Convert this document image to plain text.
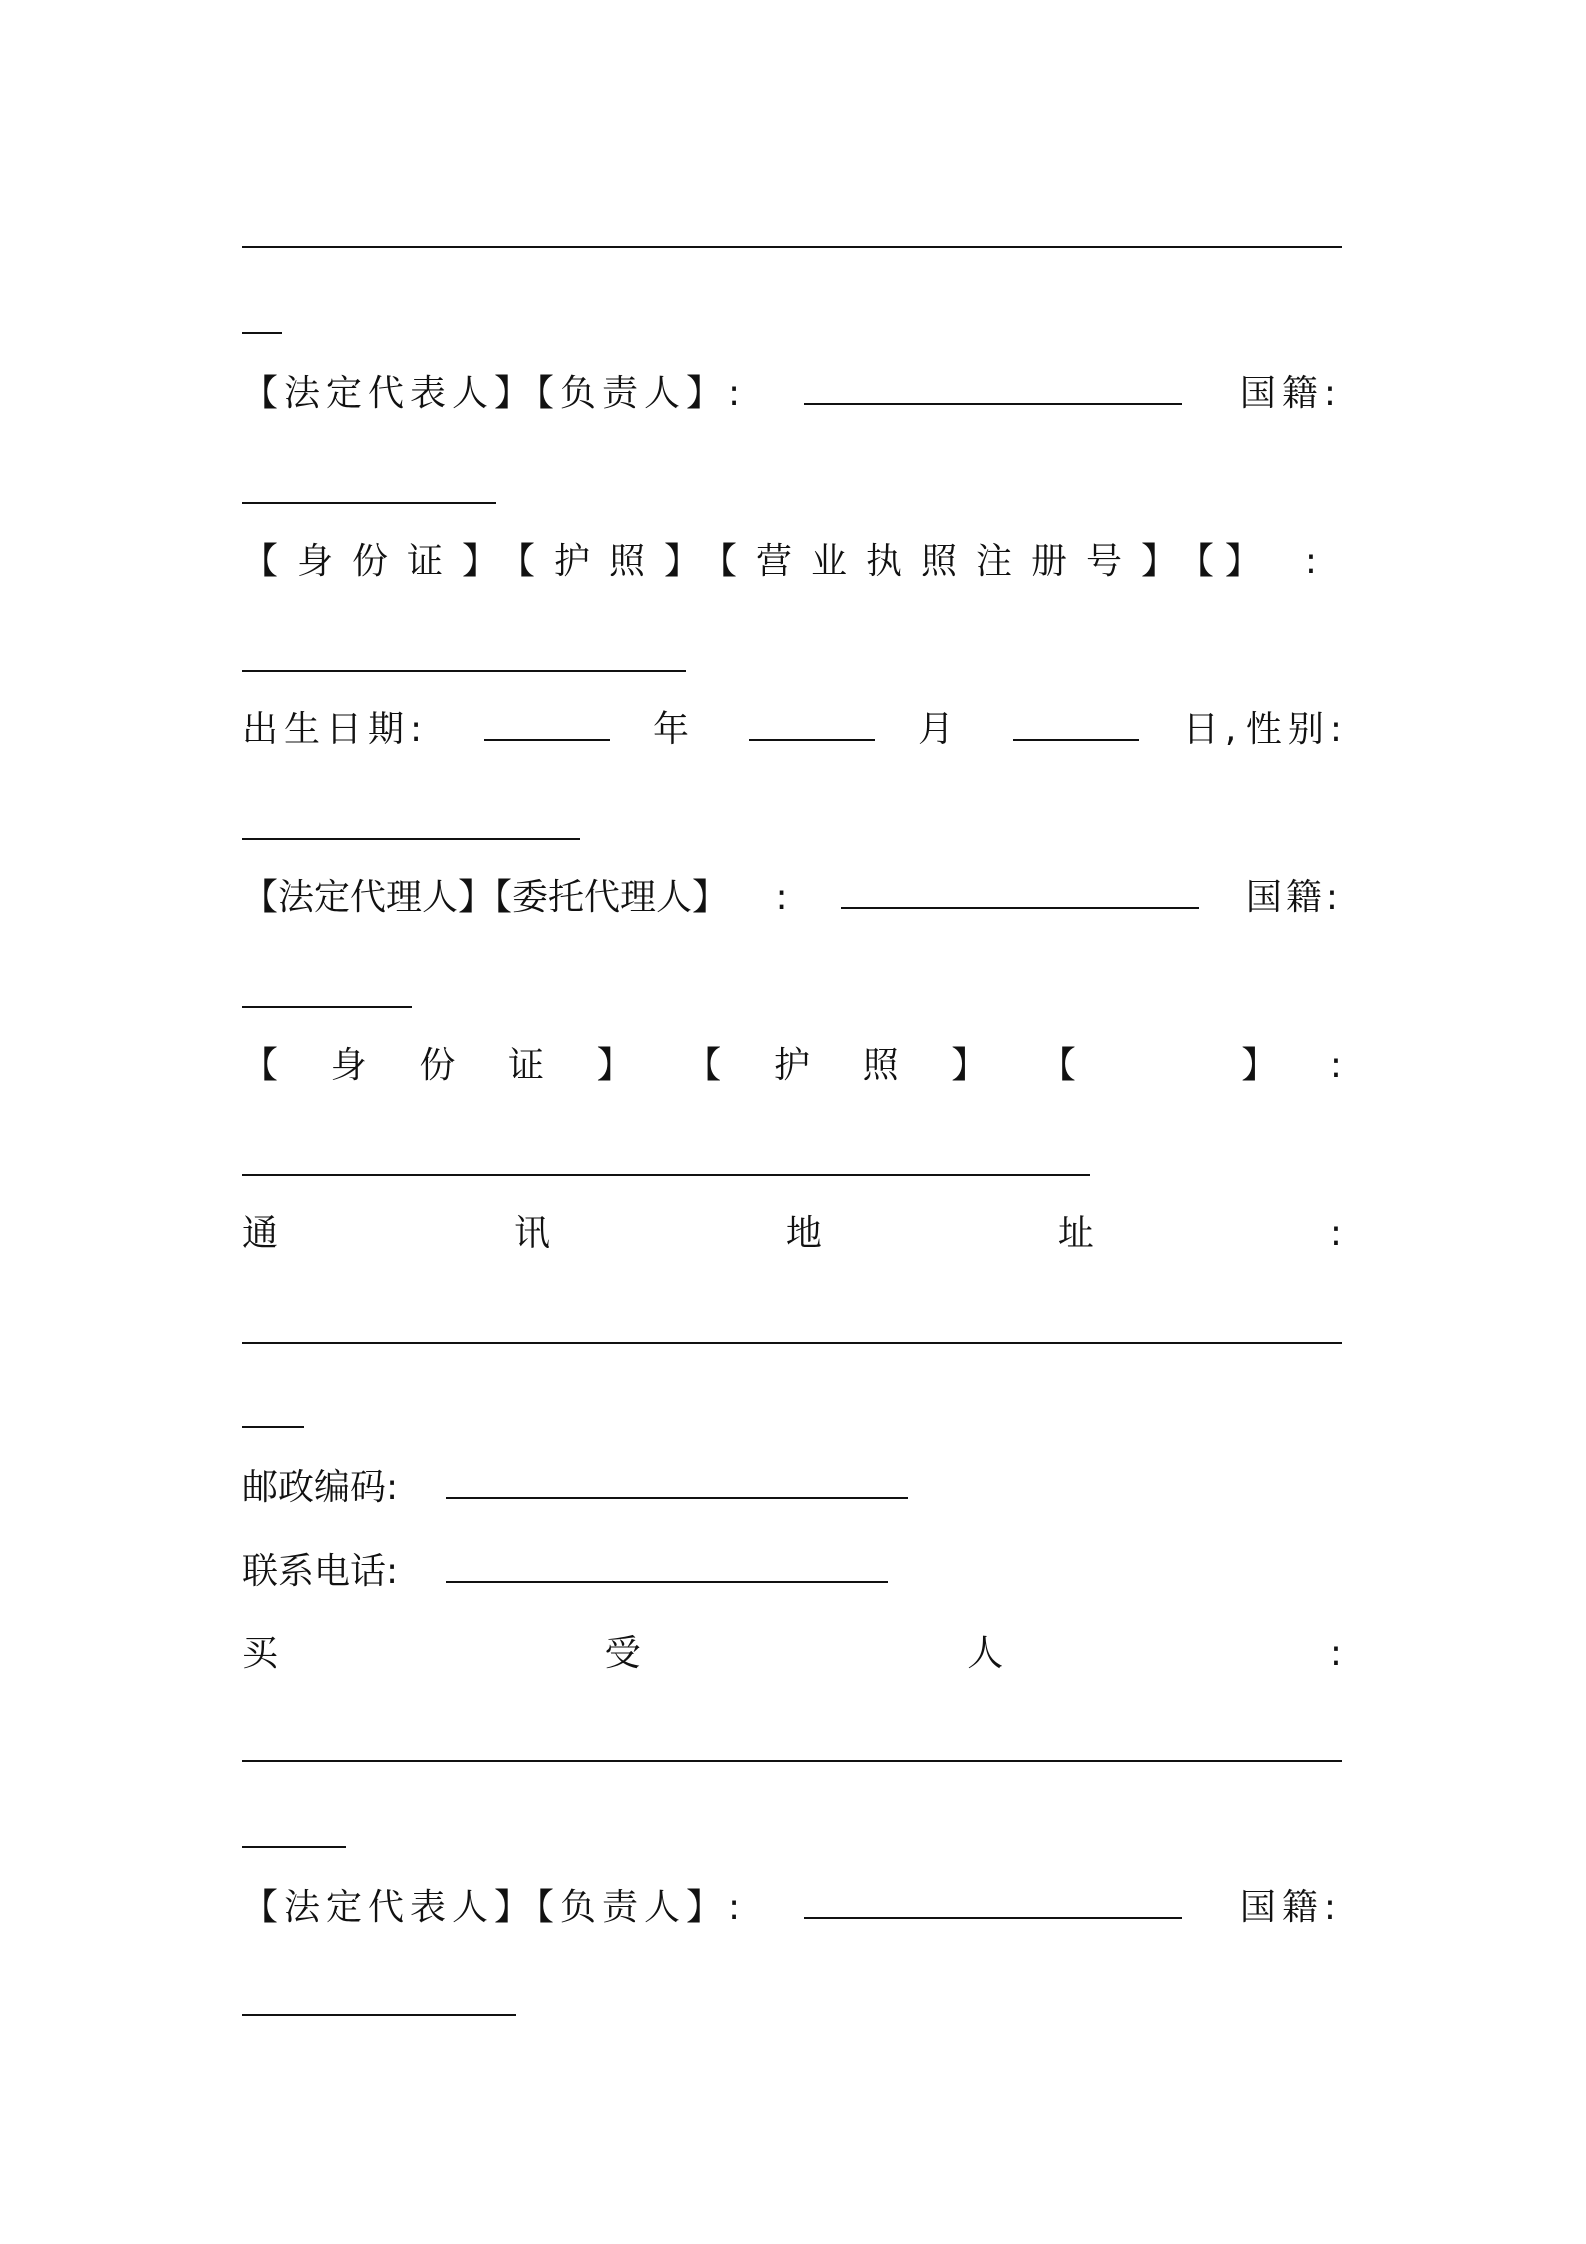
【法定代表人】【负责人】:	国籍:
【身份证】【护照】【营业执照注册号】【
】:
出生日期:	年	月	日, 性别:
【法定代理人】【委托代理人】 :	国籍:
【 身 份 证 】 【 护 照 】 【	】 :
通	讯	地	址	:
邮政编码:
联系电话:
买	受	人	:
【法定代表人】【负责人】:	国籍:
